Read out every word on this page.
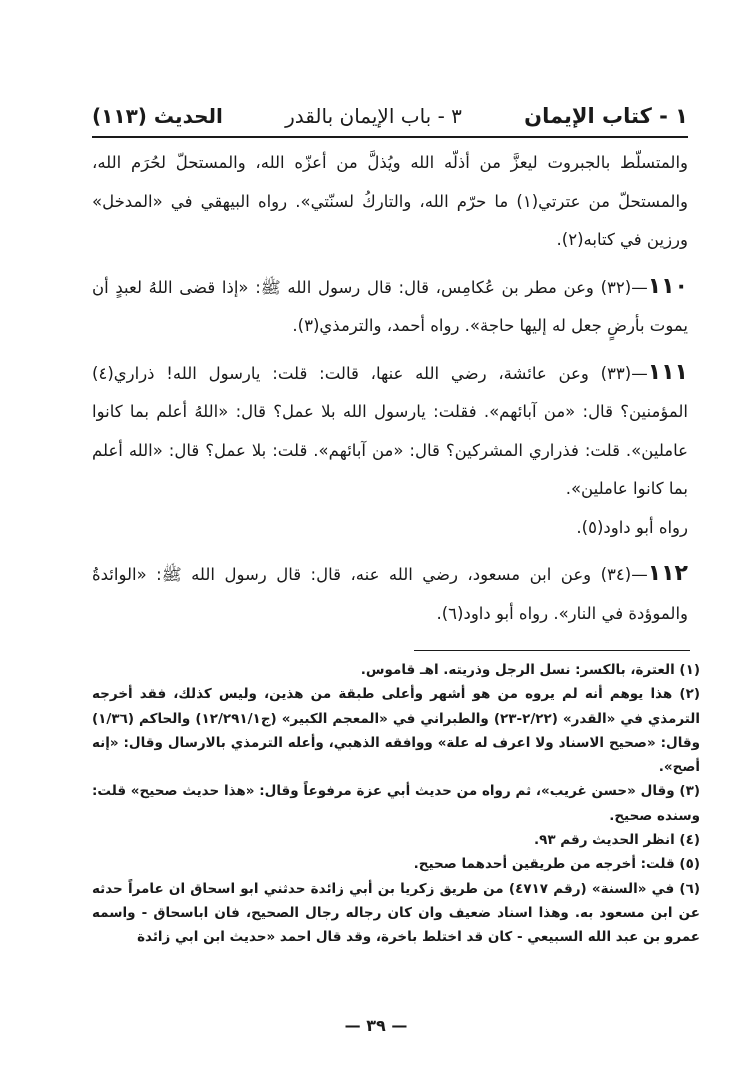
١ - كتاب الإيمان
٣ - باب الإيمان بالقدر
الحديث (١١٣)

والمتسلّط بالجبروت ليعزَّ من أذلّه الله ويُذلَّ من أعزّه الله، والمستحلّ لحُرَم الله، والمستحلّ من عترتي(١) ما حرّم الله، والتاركُ لسنّتي». رواه البيهقي في «المدخل» ورزين في كتابه(٢).

١١٠—(٣٢) وعن مطر بن عُكامِس، قال: قال رسول الله ﷺ: «إذا قضى اللهُ لعبدٍ أن يموت بأرضٍ جعل له إليها حاجة». رواه أحمد، والترمذي(٣).

١١١—(٣٣) وعن عائشة، رضي الله عنها، قالت: قلت: يارسول الله! ذراري(٤) المؤمنين؟ قال: «من آبائهم». فقلت: يارسول الله بلا عمل؟ قال: «اللهُ أعلم بما كانوا عاملين». قلت: فذراري المشركين؟ قال: «من آبائهم». قلت: بلا عمل؟ قال: «الله أعلم بما كانوا عاملين».

رواه أبو داود(٥).

١١٢—(٣٤) وعن ابن مسعود، رضي الله عنه، قال: قال رسول الله ﷺ: «الوائدةُ والموؤدة في النار». رواه أبو داود(٦).

(١) العترة، بالكسر: نسل الرجل وذريته. اهـ قاموس.

(٢) هذا يوهم أنه لم يروه من هو أشهر وأعلى طبقة من هذين، وليس كذلك، فقد أخرجه الترمذي في «القدر» (٢/٢٢-٢٣) والطبراني في «المعجم الكبير» (ج١٢/٢٩١/١) والحاكم (١/٣٦) وقال: «صحيح الاسناد ولا اعرف له علة» ووافقه الذهبي، وأعله الترمذي بالارسال وقال: «إنه أصح».

(٣) وقال «حسن غريب»، ثم رواه من حديث أبي عزة مرفوعاً وقال: «هذا حديث صحيح» قلت: وسنده صحيح.

(٤) انظر الحديث رقم ٩٣.

(٥) قلت: أخرجه من طريقين أحدهما صحيح.

(٦) في «السنة» (رقم ٤٧١٧) من طريق زكريا بن أبي زائدة حدثني ابو اسحاق ان عامراً حدثه عن ابن مسعود به. وهذا اسناد ضعيف وان كان رجاله رجال الصحيح، فان اباسحاق - واسمه عمرو بن عبد الله السبيعي - كان قد اختلط باخرة، وقد قال احمد «حديث ابن ابي زائدة

— ٣٩ —
